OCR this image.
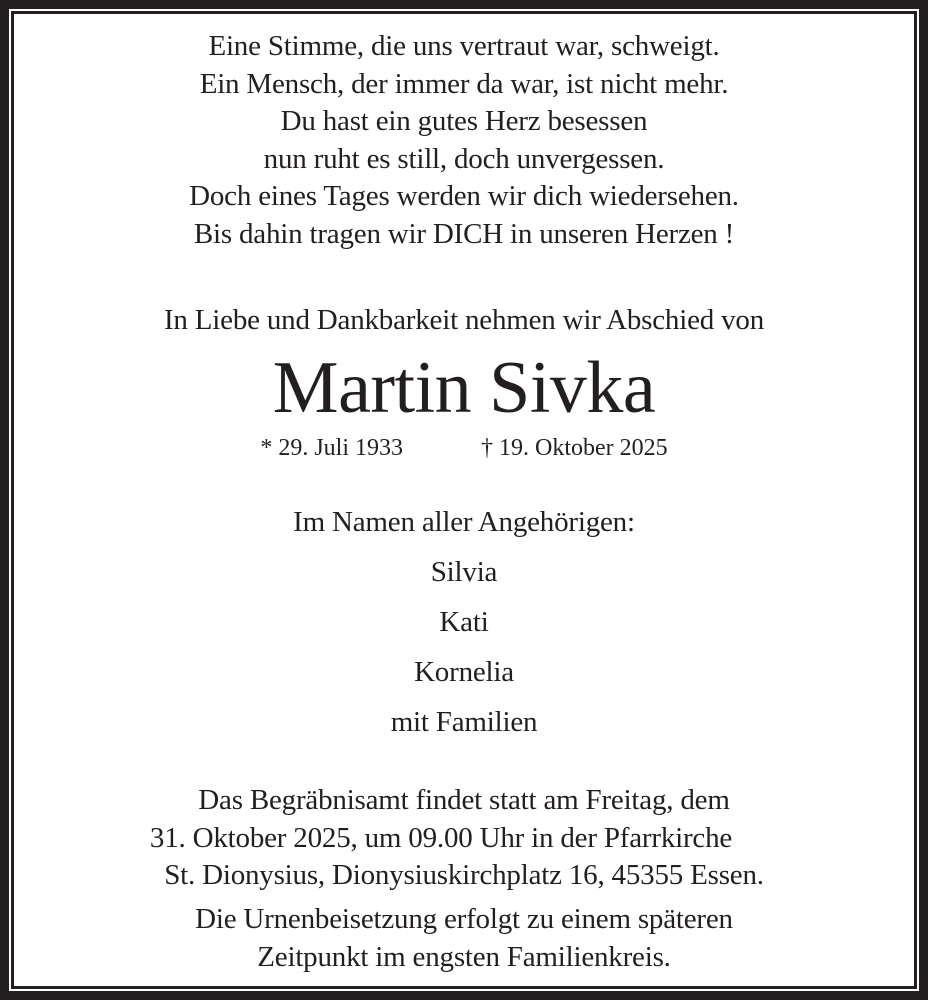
Eine Stimme, die uns vertraut war, schweigt.
Ein Mensch, der immer da war, ist nicht mehr.
Du hast ein gutes Herz besessen
nun ruht es still, doch unvergessen.
Doch eines Tages werden wir dich wiedersehen.
Bis dahin tragen wir DICH in unseren Herzen !
In Liebe und Dankbarkeit nehmen wir Abschied von
Martin Sivka
* 29. Juli 1933	† 19. Oktober 2025
Im Namen aller Angehörigen:
Silvia
Kati
Kornelia
mit Familien
Das Begräbnisamt findet statt am Freitag, dem
31. Oktober 2025, um 09.00 Uhr in der Pfarrkirche
St. Dionysius, Dionysiuskirchplatz 16, 45355 Essen.
Die Urnenbeisetzung erfolgt zu einem späteren
Zeitpunkt im engsten Familienkreis.
